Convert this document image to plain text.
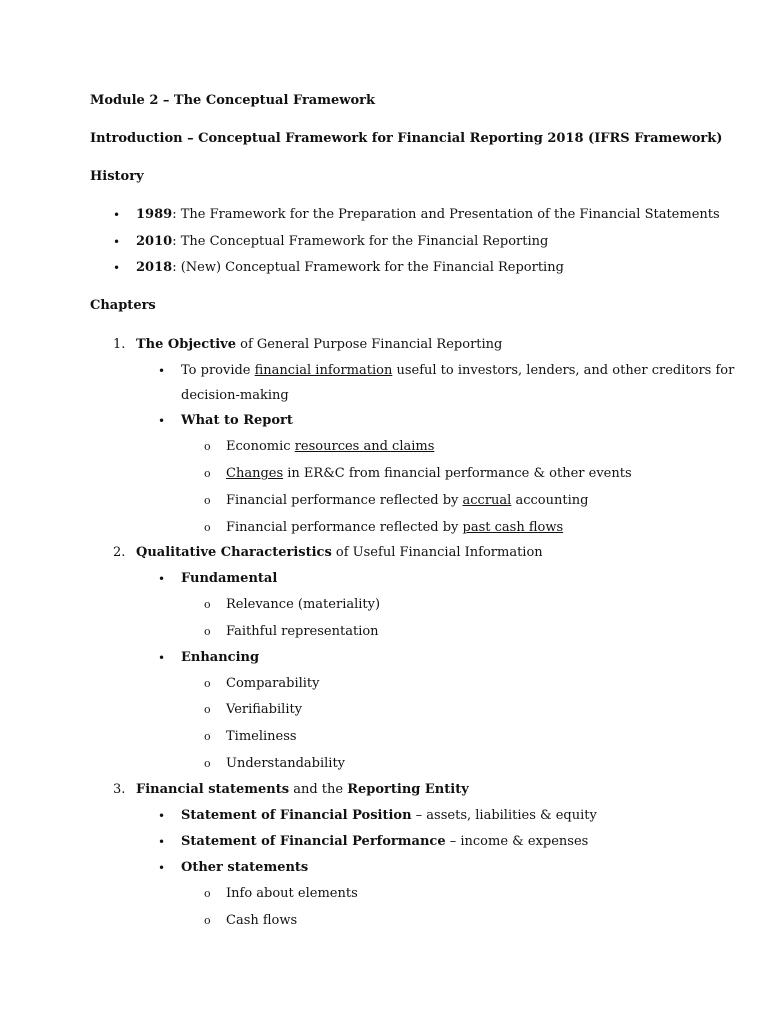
Module 2 – The Conceptual Framework
Introduction – Conceptual Framework for Financial Reporting 2018 (IFRS Framework)
History
• 1989: The Framework for the Preparation and Presentation of the Financial Statements
• 2010: The Conceptual Framework for the Financial Reporting
• 2018: (New) Conceptual Framework for the Financial Reporting
Chapters
1. The Objective of General Purpose Financial Reporting
• To provide financial information useful to investors, lenders, and other creditors for
decision-making
• What to Report
o Economic resources and claims
o Changes in ER&C from financial performance & other events
o Financial performance reflected by accrual accounting
o Financial performance reflected by past cash flows
2. Qualitative Characteristics of Useful Financial Information
• Fundamental
o Relevance (materiality)
o Faithful representation
• Enhancing
o Comparability
o Verifiability
o Timeliness
o Understandability
3. Financial statements and the Reporting Entity
• Statement of Financial Position – assets, liabilities & equity
• Statement of Financial Performance – income & expenses
• Other statements
o Info about elements
o Cash flows
